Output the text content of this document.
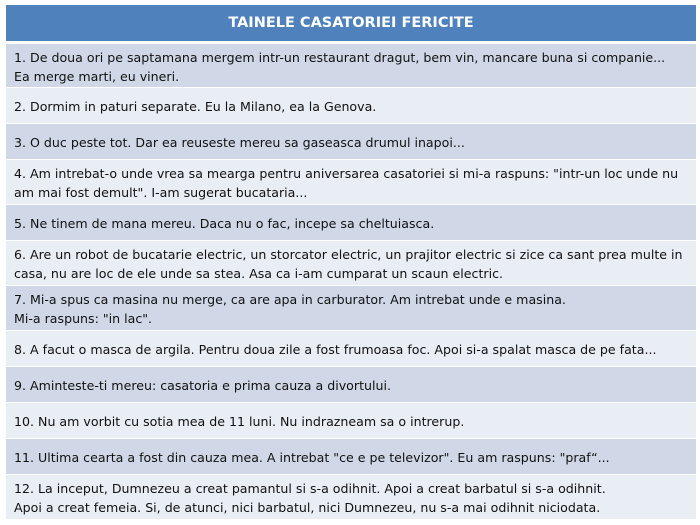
TAINELE CASATORIEI FERICITE

1. De doua ori pe saptamana mergem intr-un restaurant dragut, bem vin, mancare buna si companie...
Ea merge marti, eu vineri.

2. Dormim in paturi separate. Eu la Milano, ea la Genova.

3. O duc peste tot. Dar ea reuseste mereu sa gaseasca drumul inapoi...

4. Am intrebat-o unde vrea sa mearga pentru aniversarea casatoriei si mi-a raspuns: "intr-un loc unde nu
am mai fost demult". I-am sugerat bucataria...

5. Ne tinem de mana mereu. Daca nu o fac, incepe sa cheltuiasca.

6. Are un robot de bucatarie electric, un storcator electric, un prajitor electric si zice ca sant prea multe in
casa, nu are loc de ele unde sa stea. Asa ca i-am cumparat un scaun electric.

7. Mi-a spus ca masina nu merge, ca are apa in carburator. Am intrebat unde e masina.
Mi-a raspuns: "in lac".

8. A facut o masca de argila. Pentru doua zile a fost frumoasa foc. Apoi si-a spalat masca de pe fata...

9. Aminteste-ti mereu: casatoria e prima cauza a divortului.

10. Nu am vorbit cu sotia mea de 11 luni. Nu indrazneam sa o intrerup.

11. Ultima cearta a fost din cauza mea. A intrebat "ce e pe televizor". Eu am raspuns: "praf“...

12. La inceput, Dumnezeu a creat pamantul si s-a odihnit. Apoi a creat barbatul si s-a odihnit.
Apoi a creat femeia. Si, de atunci, nici barbatul, nici Dumnezeu, nu s-a mai odihnit niciodata.
